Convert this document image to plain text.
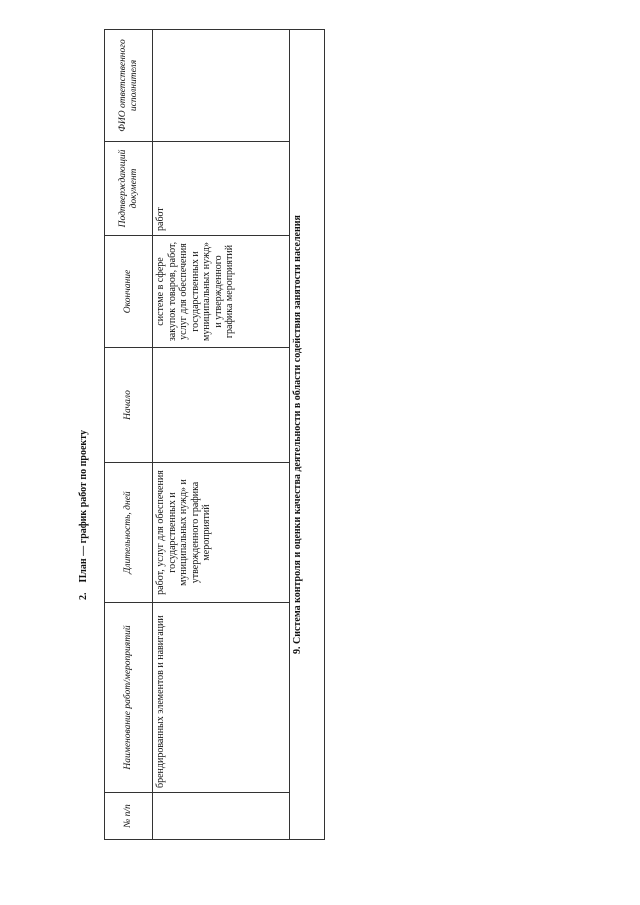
2.План — график работ по проекту
№ п/п	Наименование работ/мероприятий	Длительность, дней	Начало	Окончание	Подтверждающий документ	ФИО ответственного исполнителя
	брендированных элементов и навигации	работ, услуг для обеспечения государственных и муниципальных нужд» и утвержденного графика мероприятий		системе в сфере закупок товаров, работ, услуг для обеспечения государственных и муниципальных нужд» и утвержденного графика мероприятий	работ	
9. Система контроля и оценки качества деятельности в области содействия занятости населения						
